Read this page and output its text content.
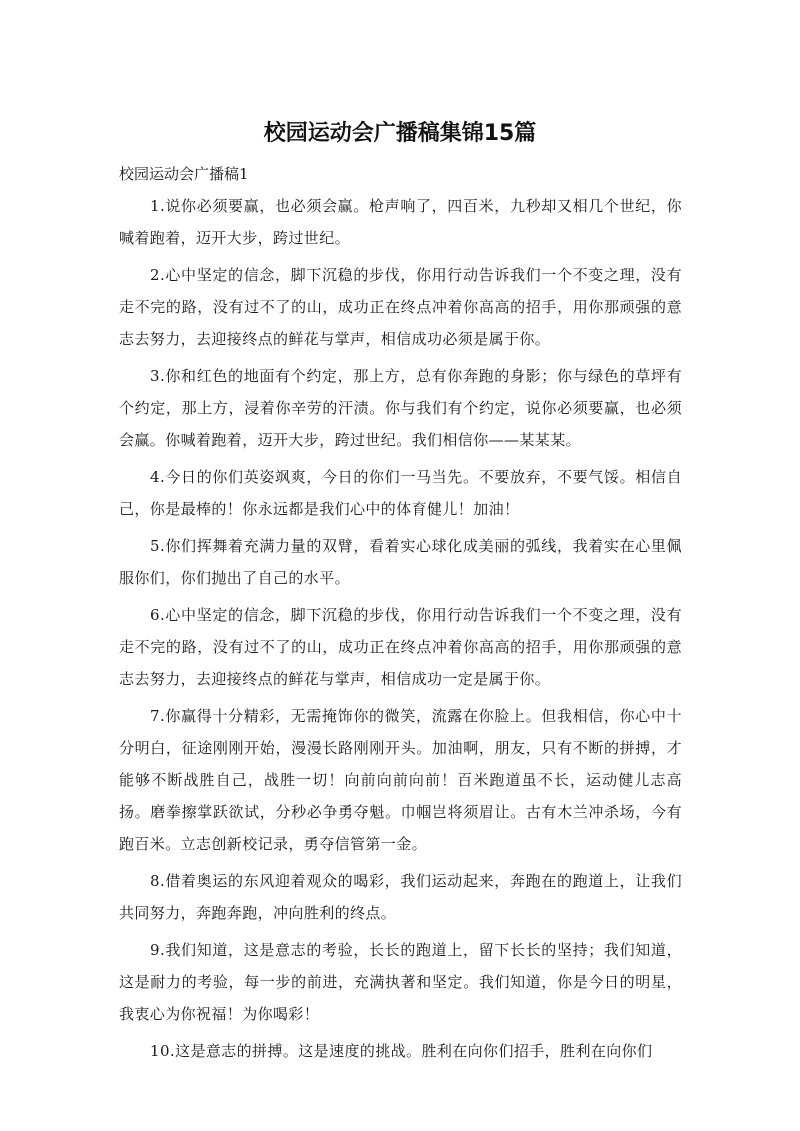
校园运动会广播稿集锦15篇

校园运动会广播稿1

1.说你必须要赢，也必须会赢。枪声响了，四百米，九秒却又相几个世纪，你喊着跑着，迈开大步，跨过世纪。

2.心中坚定的信念，脚下沉稳的步伐，你用行动告诉我们一个不变之理，没有走不完的路，没有过不了的山，成功正在终点冲着你高高的招手，用你那顽强的意志去努力，去迎接终点的鲜花与掌声，相信成功必须是属于你。

3.你和红色的地面有个约定，那上方，总有你奔跑的身影；你与绿色的草坪有个约定，那上方，浸着你辛劳的汗渍。你与我们有个约定，说你必须要赢，也必须会赢。你喊着跑着，迈开大步，跨过世纪。我们相信你——某某某。

4.今日的你们英姿飒爽，今日的你们一马当先。不要放弃，不要气馁。相信自己，你是最棒的！你永远都是我们心中的体育健儿！加油！

5.你们挥舞着充满力量的双臂，看着实心球化成美丽的弧线，我着实在心里佩服你们，你们抛出了自己的水平。

6.心中坚定的信念，脚下沉稳的步伐，你用行动告诉我们一个不变之理，没有走不完的路，没有过不了的山，成功正在终点冲着你高高的招手，用你那顽强的意志去努力，去迎接终点的鲜花与掌声，相信成功一定是属于你。

7.你赢得十分精彩，无需掩饰你的微笑，流露在你脸上。但我相信，你心中十分明白，征途刚刚开始，漫漫长路刚刚开头。加油啊，朋友，只有不断的拼搏，才能够不断战胜自己，战胜一切！向前向前向前！百米跑道虽不长，运动健儿志高扬。磨拳擦掌跃欲试，分秒必争勇夺魁。巾帼岂将须眉让。古有木兰冲杀场，今有跑百米。立志创新校记录，勇夺信管第一金。

8.借着奥运的东风迎着观众的喝彩，我们运动起来，奔跑在的跑道上，让我们共同努力，奔跑奔跑，冲向胜利的终点。

9.我们知道，这是意志的考验，长长的跑道上，留下长长的坚持；我们知道，这是耐力的考验，每一步的前进，充满执著和坚定。我们知道，你是今日的明星，我衷心为你祝福！为你喝彩！

10.这是意志的拼搏。这是速度的挑战。胜利在向你们招手，胜利在向你们
